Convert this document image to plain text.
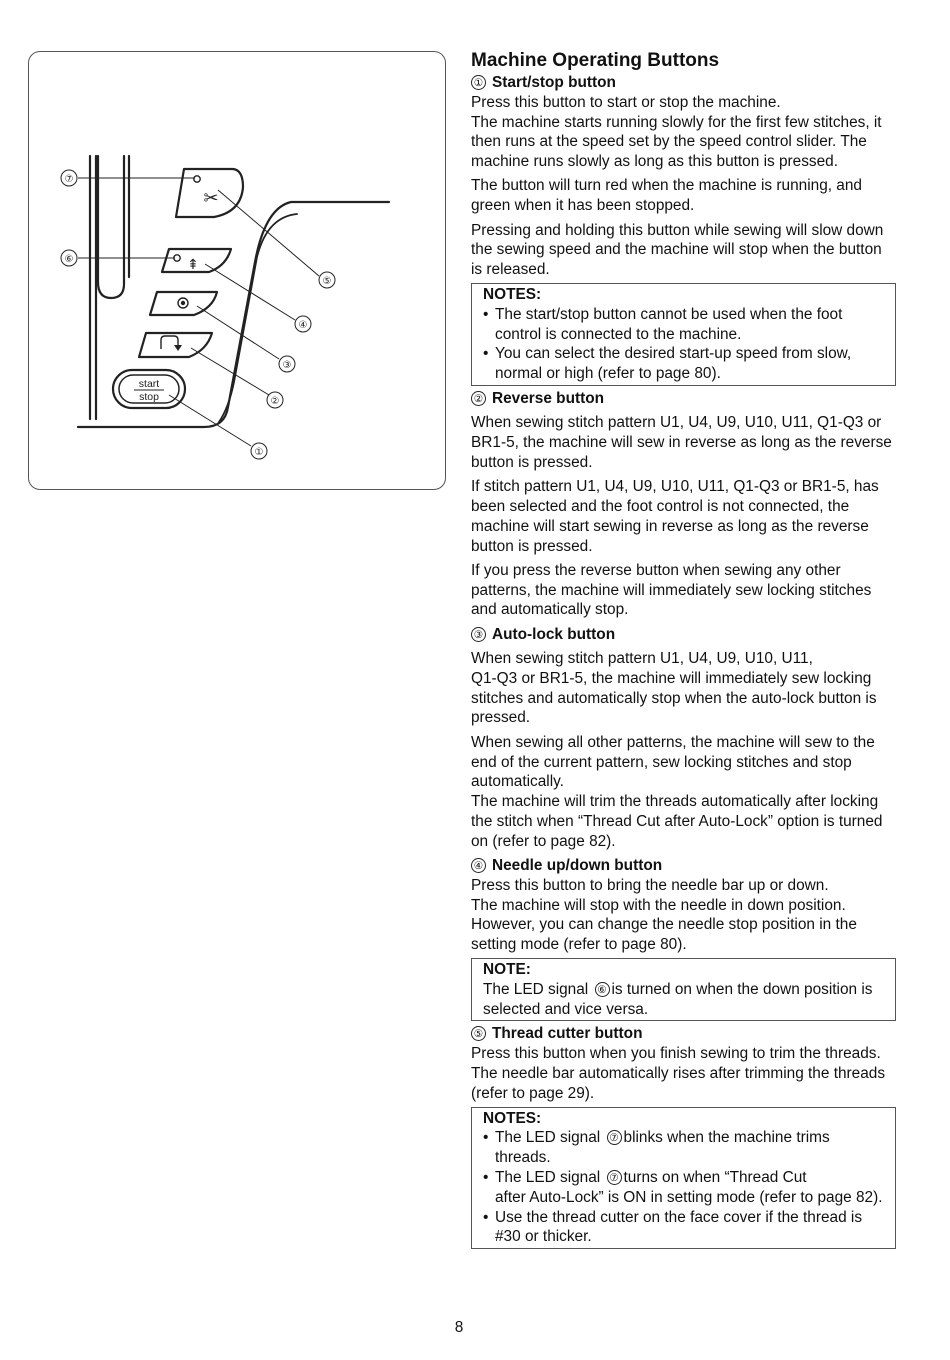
✂
⇞
start
stop
⑦
⑥
⑤
④
③
②
①
Machine Operating Buttons
① Start/stop button

Press this button to start or stop the machine.

The machine starts running slowly for the first few stitches, it then runs at the speed set by the speed control slider. The machine runs slowly as long as this button is pressed.

The button will turn red when the machine is running, and green when it has been stopped.

Pressing and holding this button while sewing will slow down the sewing speed and the machine will stop when the button is released.

NOTES:
• The start/stop button cannot be used when the foot control is connected to the machine.
• You can select the desired start-up speed from slow, normal or high (refer to page 80).
② Reverse button

When sewing stitch pattern U1, U4, U9, U10, U11, Q1-Q3 or BR1-5, the machine will sew in reverse as long as the reverse button is pressed.

If stitch pattern U1, U4, U9, U10, U11, Q1-Q3 or BR1-5, has been selected and the foot control is not connected, the machine will start sewing in reverse as long as the reverse button is pressed.

If you press the reverse button when sewing any other patterns, the machine will immediately sew locking stitches and automatically stop.

③ Auto-lock button

When sewing stitch pattern U1, U4, U9, U10, U11,
Q1-Q3 or BR1-5, the machine will immediately sew locking stitches and automatically stop when the auto-lock button is pressed.

When sewing all other patterns, the machine will sew to the end of the current pattern, sew locking stitches and stop automatically.

The machine will trim the threads automatically after locking the stitch when “Thread Cut after Auto-Lock” option is turned on (refer to page 82).

④ Needle up/down button

Press this button to bring the needle bar up or down.

The machine will stop with the needle in down position. However, you can change the needle stop position in the setting mode (refer to page 80).

NOTE:
The LED signal ⑥ is turned on when the down position is selected and vice versa.
⑤ Thread cutter button

Press this button when you finish sewing to trim the threads. The needle bar automatically rises after trimming the threads (refer to page 29).

NOTES:
• The LED signal ⑦ blinks when the machine trims threads.
• The LED signal ⑦ turns on when “Thread Cut
after Auto-Lock” is ON in setting mode (refer to page 82).
• Use the thread cutter on the face cover if the thread is #30 or thicker.
8
